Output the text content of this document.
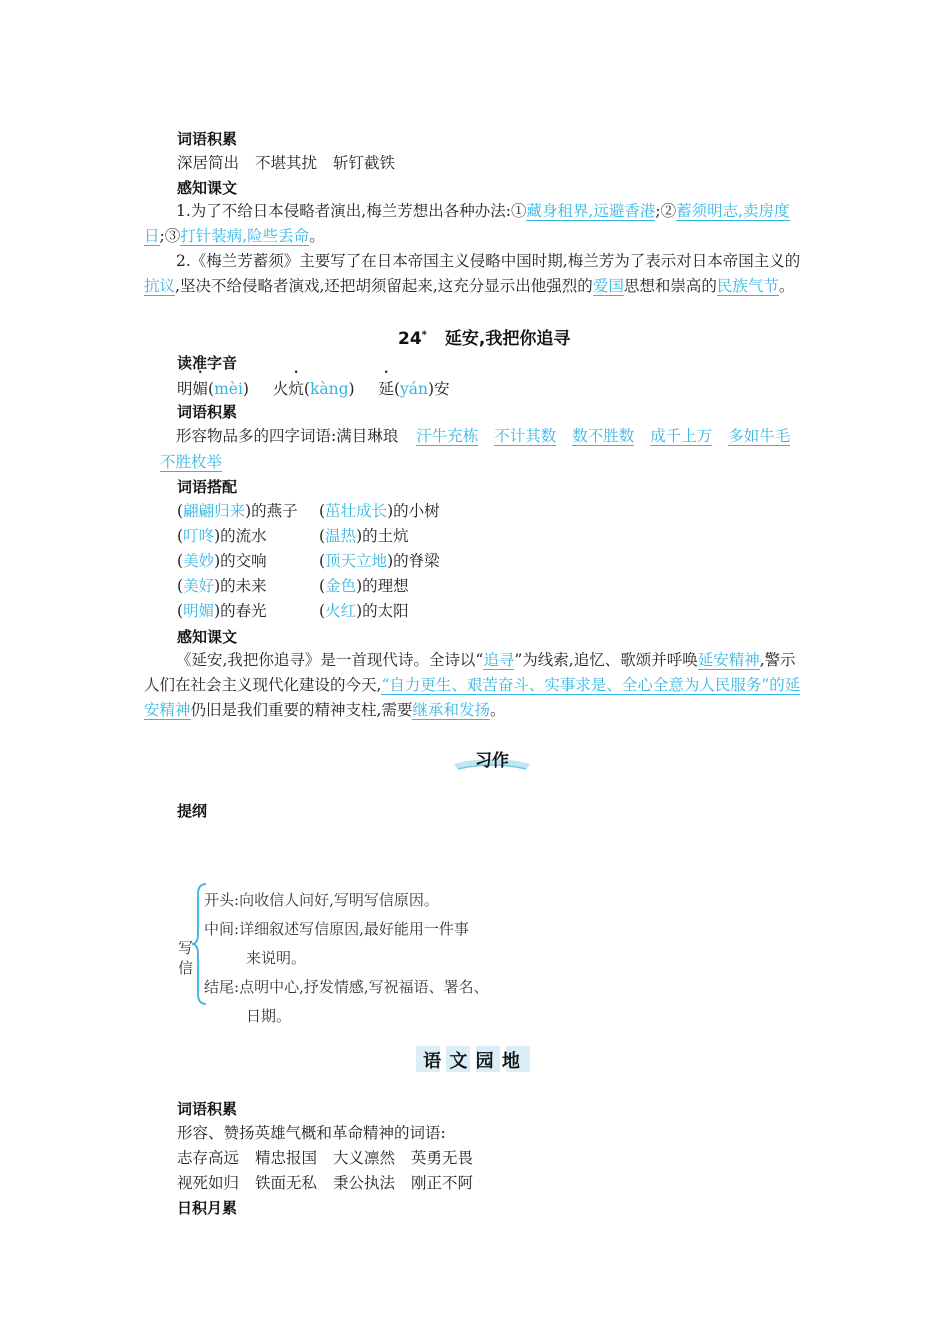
词语积累
深居简出 不堪其扰 斩钉截铁
感知课文
1.为了不给日本侵略者演出,梅兰芳想出各种办法:①藏身租界,远避香港;②蓄须明志,卖房度日;③打针装病,险些丢命。
2.《梅兰芳蓄须》主要写了在日本帝国主义侵略中国时期,梅兰芳为了表示对日本帝国主义的抗议,坚决不给侵略者演戏,还把胡须留起来,这充分显示出他强烈的爱国思想和崇高的民族气节。
24* 延安,我把你追寻
读准字音
明媚(mèi) 火炕(kàng) 延(yán)安
词语积累
形容物品多的四字词语:满目琳琅 汗牛充栋 不计其数 数不胜数 成千上万 多如牛毛不胜枚举
词语搭配
(翩翩归来)的燕子
(叮咚)的流水
(美妙)的交响
(美好)的未来
(明媚)的春光
(茁壮成长)的小树
(温热)的土炕
(顶天立地)的脊梁
(金色)的理想
(火红)的太阳
感知课文
《延安,我把你追寻》是一首现代诗。全诗以“追寻”为线索,追忆、歌颂并呼唤延安精神,警示人们在社会主义现代化建设的今天,“自力更生、艰苦奋斗、实事求是、全心全意为人民服务”的延安精神仍旧是我们重要的精神支柱,需要继承和发扬。
习作
提纲
写信
开头:向收信人问好,写明写信原因。
中间:详细叙述写信原因,最好能用一件事
来说明。
结尾:点明中心,抒发情感,写祝福语、署名、
日期。
语 文 园 地
词语积累
形容、赞扬英雄气概和革命精神的词语:
志存高远 精忠报国 大义凛然 英勇无畏
视死如归 铁面无私 秉公执法 刚正不阿
日积月累
